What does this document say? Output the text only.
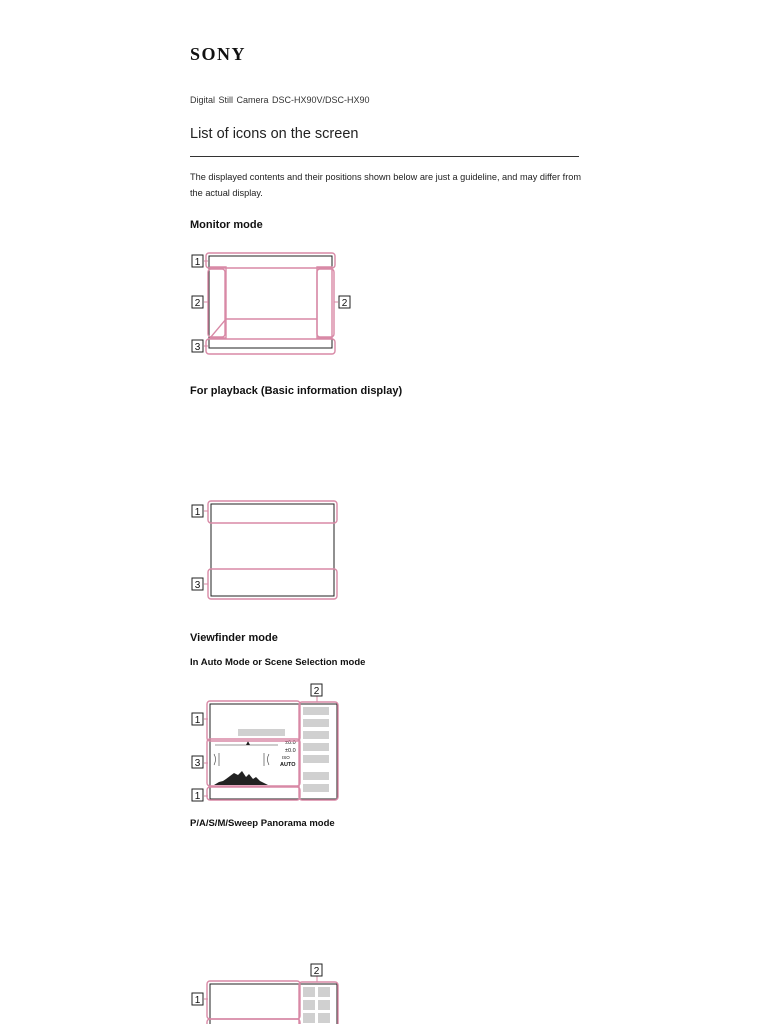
SONY
Digital Still Camera DSC-HX90V/DSC-HX90
List of icons on the screen
The displayed contents and their positions shown below are just a guideline, and may differ from the actual display.
Monitor mode
1
2	2
3
For playback (Basic information display)
1
3
Viewfinder mode
In Auto Mode or Scene Selection mode
±0.0
±0.0
ISO
AUTO
2
1
3
1
P/A/S/M/Sweep Panorama mode
2
1
